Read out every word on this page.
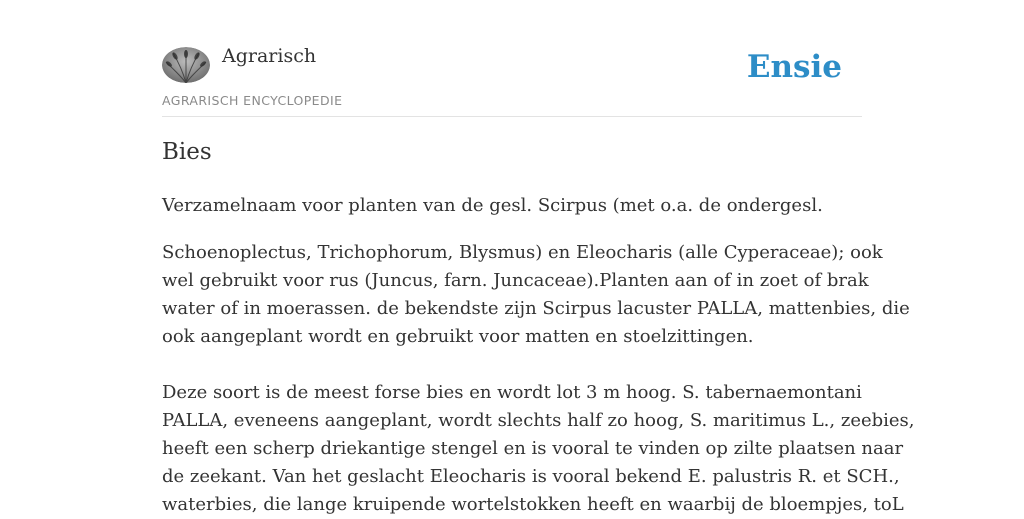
Agrarisch
AGRARISCH ENCYCLOPEDIE
Ensie
Bies

Verzamelnaam voor planten van de gesl. Scirpus (met o.a. de ondergesl.

Schoenoplectus, Trichophorum, Blysmus) en Eleocharis (alle Cyperaceae); ook
wel gebruikt voor rus (Juncus, farn. Juncaceae).Planten aan of in zoet of brak
water of in moerassen. de bekendste zijn Scirpus lacuster PALLA, mattenbies, die
ook aangeplant wordt en gebruikt voor matten en stoelzittingen.
Deze soort is de meest forse bies en wordt lot 3 m hoog. S. tabernaemontani
PALLA, eveneens aangeplant, wordt slechts half zo hoog, S. maritimus L., zeebies,
heeft een scherp driekantige stengel en is vooral te vinden op zilte plaatsen naar
de zeekant. Van het geslacht Eleocharis is vooral bekend E. palustris R. et SCH.,
waterbies, die lange kruipende wortelstokken heeft en waarbij de bloempjes, toL
